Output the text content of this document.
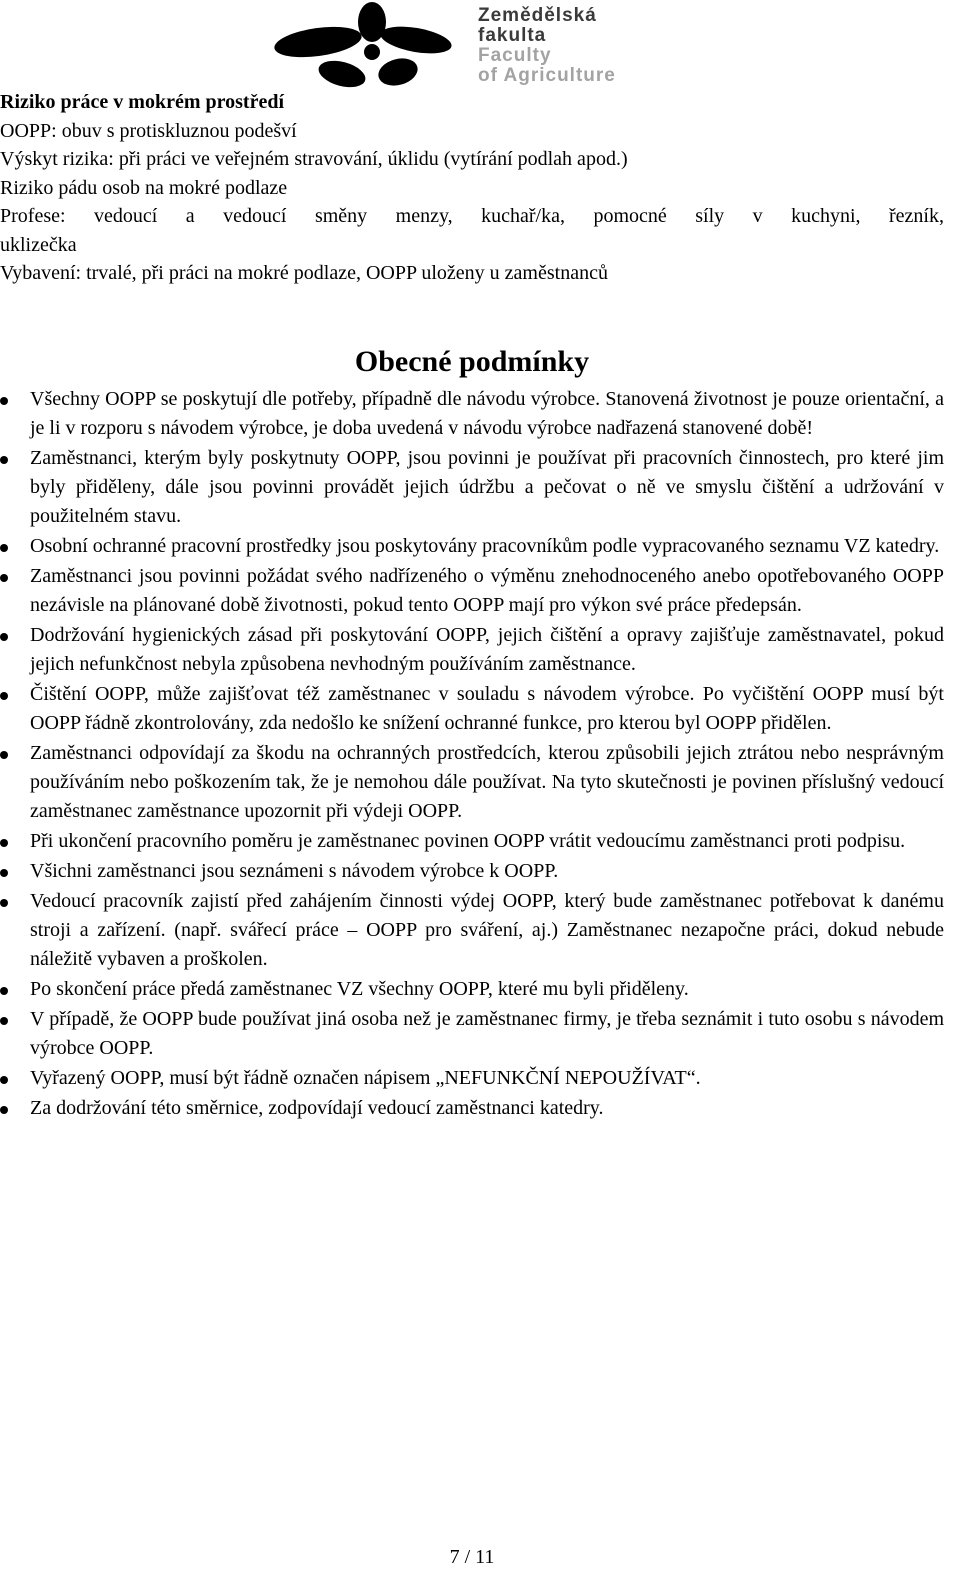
Zemědělská
fakulta
Faculty
of Agriculture
Riziko práce v mokrém prostředí
OOPP: obuv s protiskluznou podešví
Výskyt rizika: při práci ve veřejném stravování, úklidu (vytírání podlah apod.)
Riziko pádu osob na mokré podlaze
Profese: vedoucí a vedoucí směny menzy, kuchař/ka, pomocné síly v kuchyni, řezník,
uklizečka
Vybavení: trvalé, při práci na mokré podlaze, OOPP uloženy u zaměstnanců
Obecné podmínky
Všechny OOPP se poskytují dle potřeby, případně dle návodu výrobce. Stanovená životnost je pouze orientační, a je li v rozporu s návodem výrobce, je doba uvedená v návodu výrobce nadřazená stanovené době!
Zaměstnanci, kterým byly poskytnuty OOPP, jsou povinni je používat při pracovních činnostech, pro které jim byly přiděleny, dále jsou povinni provádět jejich údržbu a pečovat o ně ve smyslu čištění a udržování v použitelném stavu.
Osobní ochranné pracovní prostředky jsou poskytovány pracovníkům podle vypracovaného seznamu VZ katedry.
Zaměstnanci jsou povinni požádat svého nadřízeného o výměnu znehodnoceného anebo opotřebovaného OOPP nezávisle na plánované době životnosti, pokud tento OOPP mají pro výkon své práce předepsán.
Dodržování hygienických zásad při poskytování OOPP, jejich čištění a opravy zajišťuje zaměstnavatel, pokud jejich nefunkčnost nebyla způsobena nevhodným používáním zaměstnance.
Čištění OOPP, může zajišťovat též zaměstnanec v souladu s návodem výrobce. Po vyčištění OOPP musí být OOPP řádně zkontrolovány, zda nedošlo ke snížení ochranné funkce, pro kterou byl OOPP přidělen.
Zaměstnanci odpovídají za škodu na ochranných prostředcích, kterou způsobili jejich ztrátou nebo nesprávným používáním nebo poškozením tak, že je nemohou dále používat. Na tyto skutečnosti je povinen příslušný vedoucí zaměstnanec zaměstnance upozornit při výdeji OOPP.
Při ukončení pracovního poměru je zaměstnanec povinen OOPP vrátit vedoucímu zaměstnanci proti podpisu.
Všichni zaměstnanci jsou seznámeni s návodem výrobce k OOPP.
Vedoucí pracovník zajistí před zahájením činnosti výdej OOPP, který bude zaměstnanec potřebovat k danému stroji a zařízení. (např. svářecí práce – OOPP pro sváření, aj.) Zaměstnanec nezapočne práci, dokud nebude náležitě vybaven a proškolen.
Po skončení práce předá zaměstnanec VZ všechny OOPP, které mu byli přiděleny.
V případě, že OOPP bude používat jiná osoba než je zaměstnanec firmy, je třeba seznámit i tuto osobu s návodem výrobce OOPP.
Vyřazený OOPP, musí být řádně označen nápisem „NEFUNKČNÍ NEPOUŽÍVAT“.
Za dodržování této směrnice, zodpovídají vedoucí zaměstnanci katedry.
7 / 11
